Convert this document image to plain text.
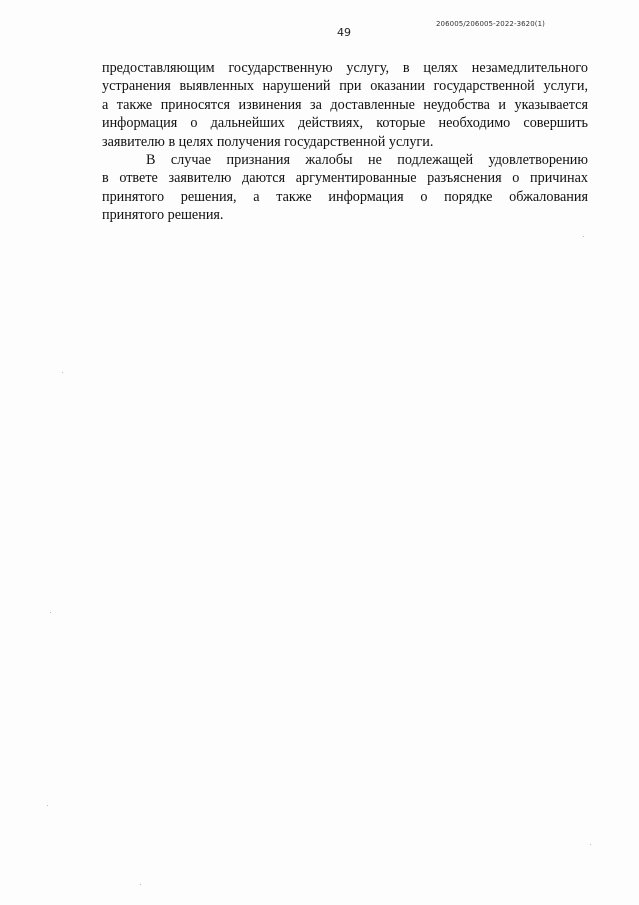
206005/206005-2022-3620(1)
49
предоставляющим государственную услугу, в целях незамедлительного
устранения выявленных нарушений при оказании государственной услуги,
а также приносятся извинения за доставленные неудобства и указывается
информация о дальнейших действиях, которые необходимо совершить
заявителю в целях получения государственной услуги.
В случае признания жалобы не подлежащей удовлетворению
в ответе заявителю даются аргументированные разъяснения о причинах
принятого решения, а также информация о порядке обжалования
принятого решения.
